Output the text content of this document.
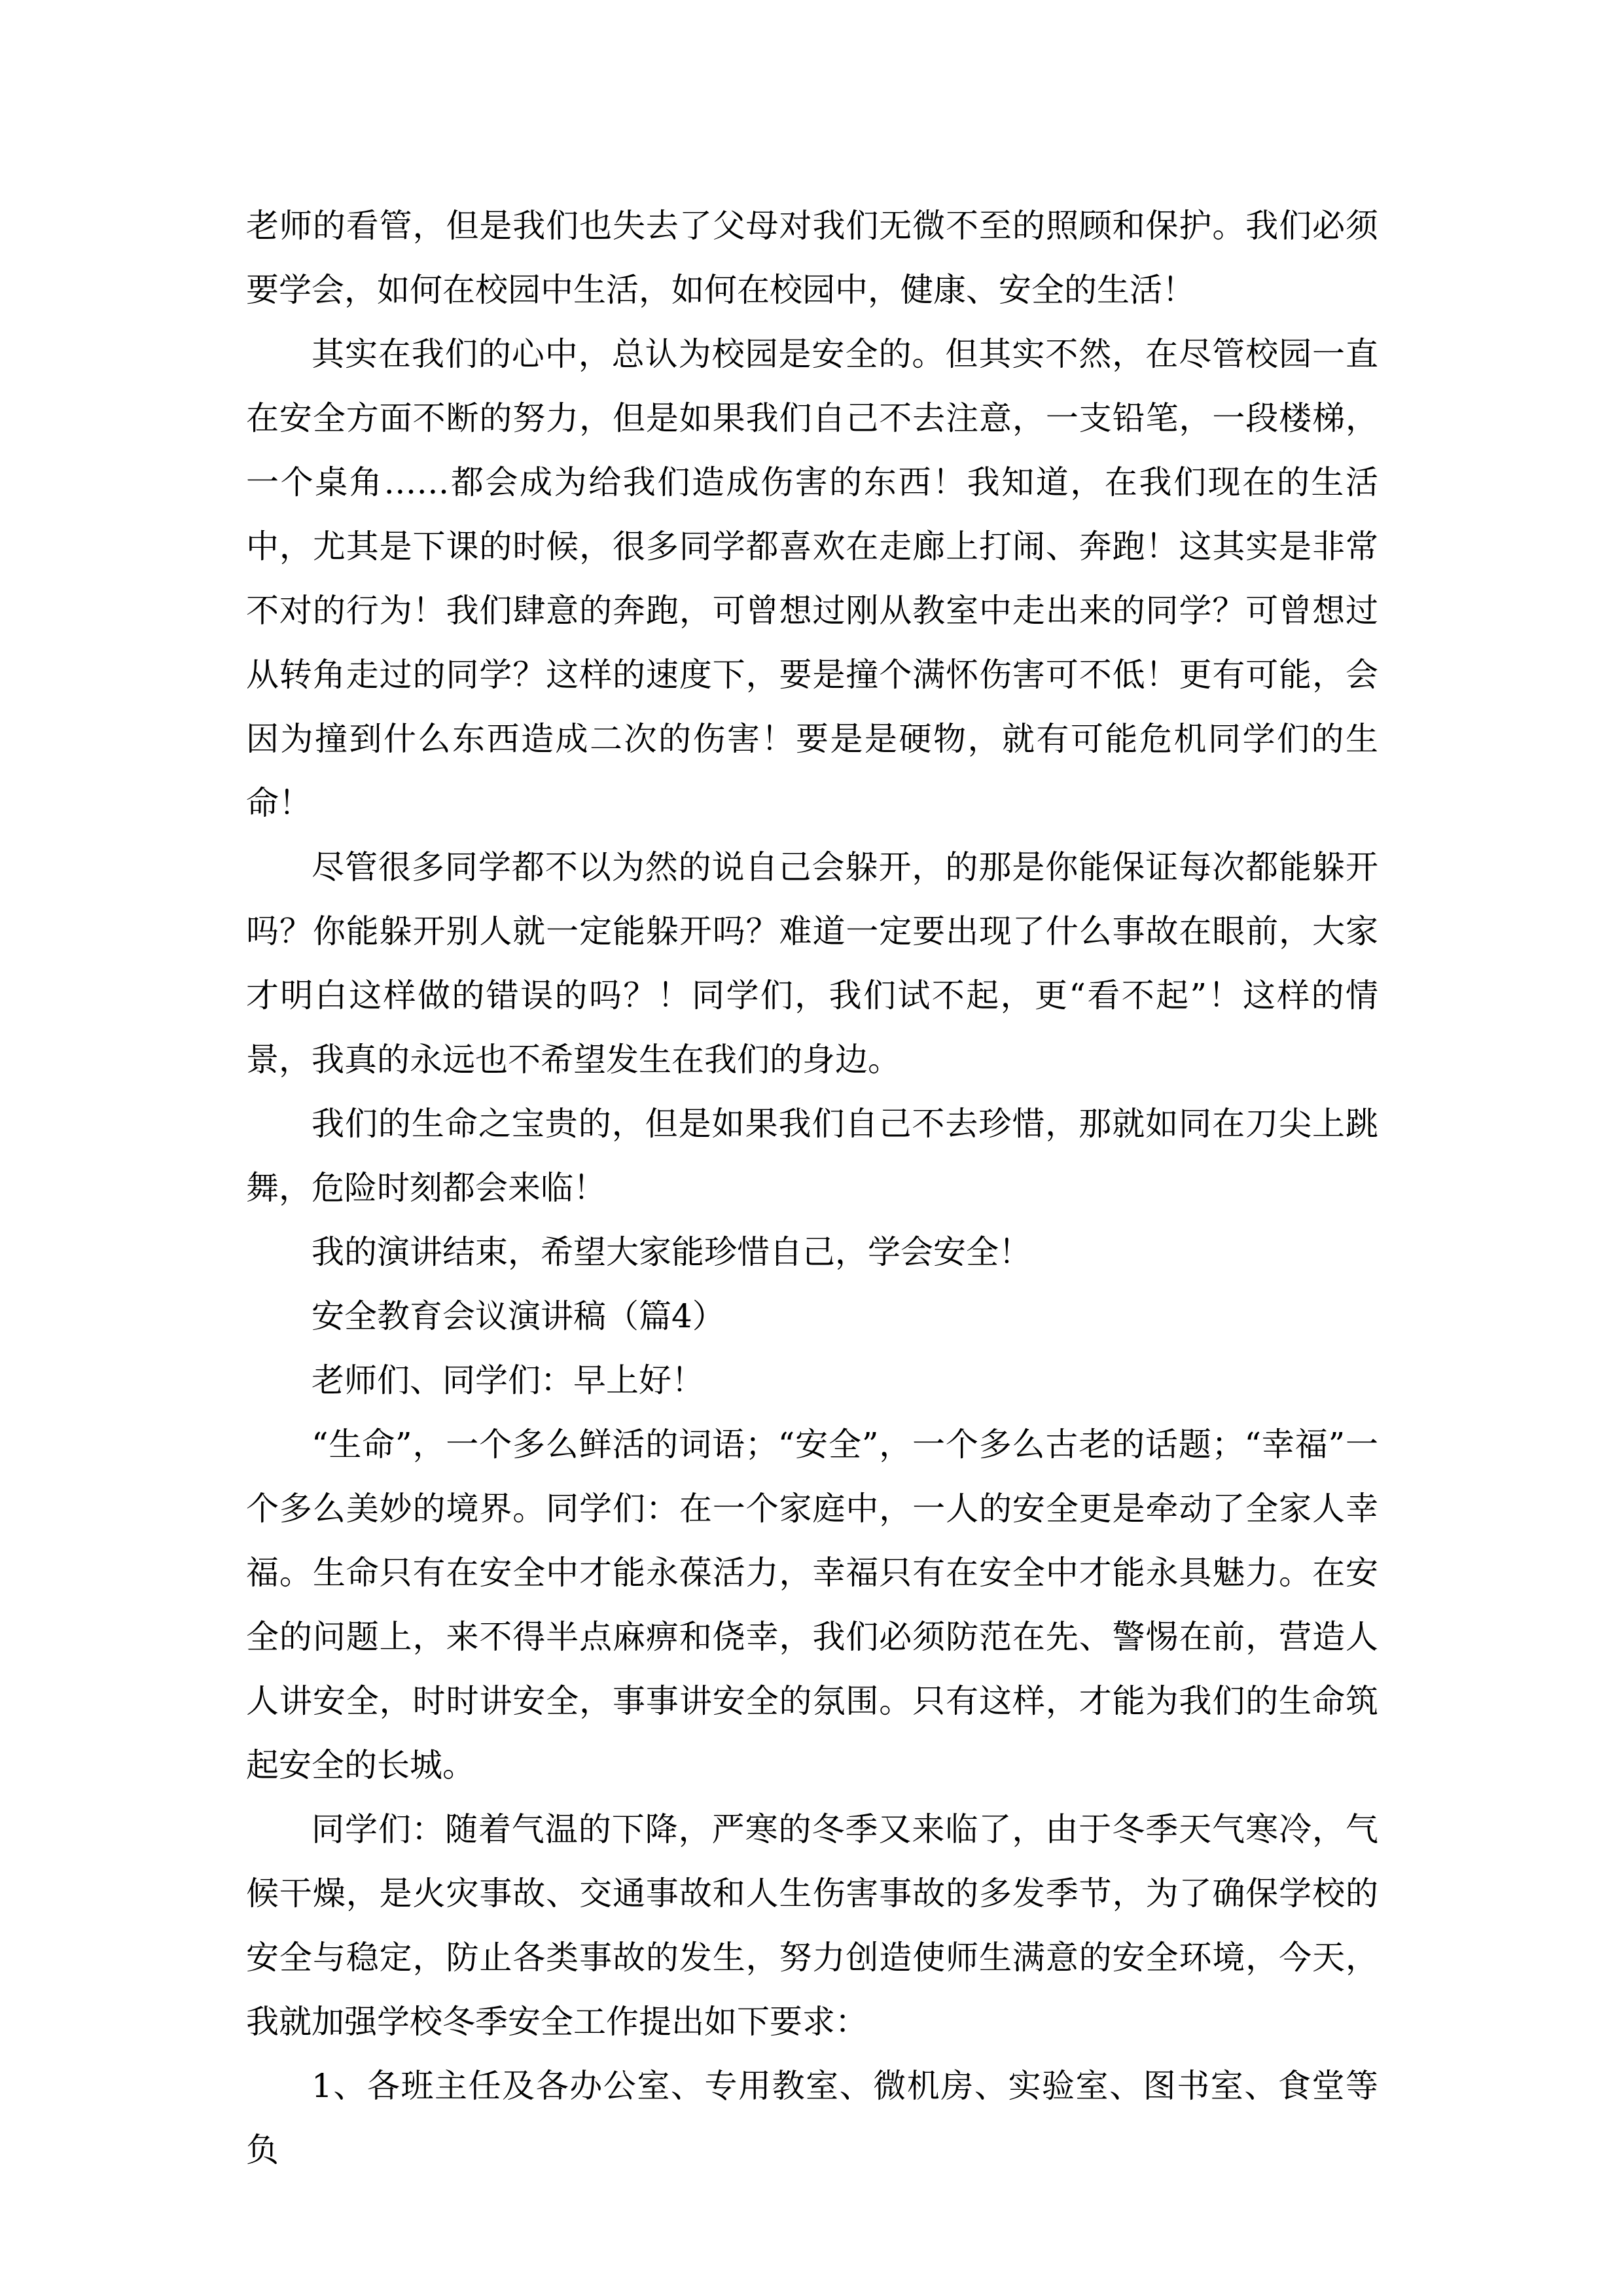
老师的看管，但是我们也失去了父母对我们无微不至的照顾和保护。我们必须要学会，如何在校园中生活，如何在校园中，健康、安全的生活！

其实在我们的心中，总认为校园是安全的。但其实不然，在尽管校园一直在安全方面不断的努力，但是如果我们自己不去注意，一支铅笔，一段楼梯，一个桌角……都会成为给我们造成伤害的东西！我知道，在我们现在的生活中，尤其是下课的时候，很多同学都喜欢在走廊上打闹、奔跑！这其实是非常不对的行为！我们肆意的奔跑，可曾想过刚从教室中走出来的同学？可曾想过从转角走过的同学？这样的速度下，要是撞个满怀伤害可不低！更有可能，会因为撞到什么东西造成二次的伤害！要是是硬物，就有可能危机同学们的生命！

尽管很多同学都不以为然的说自己会躲开，的那是你能保证每次都能躲开吗？你能躲开别人就一定能躲开吗？难道一定要出现了什么事故在眼前，大家才明白这样做的错误的吗？！同学们，我们试不起，更“看不起”！这样的情景，我真的永远也不希望发生在我们的身边。

我们的生命之宝贵的，但是如果我们自己不去珍惜，那就如同在刀尖上跳舞，危险时刻都会来临！

我的演讲结束，希望大家能珍惜自己，学会安全！

安全教育会议演讲稿（篇4）

老师们、同学们：早上好！

“生命”，一个多么鲜活的词语；“安全”，一个多么古老的话题；“幸福”一个多么美妙的境界。同学们：在一个家庭中，一人的安全更是牵动了全家人幸福。生命只有在安全中才能永葆活力，幸福只有在安全中才能永具魅力。在安全的问题上，来不得半点麻痹和侥幸，我们必须防范在先、警惕在前，营造人人讲安全，时时讲安全，事事讲安全的氛围。只有这样，才能为我们的生命筑起安全的长城。

同学们：随着气温的下降，严寒的冬季又来临了，由于冬季天气寒冷，气候干燥，是火灾事故、交通事故和人生伤害事故的多发季节，为了确保学校的安全与稳定，防止各类事故的发生，努力创造使师生满意的安全环境，今天，我就加强学校冬季安全工作提出如下要求：

1、各班主任及各办公室、专用教室、微机房、实验室、图书室、食堂等负
